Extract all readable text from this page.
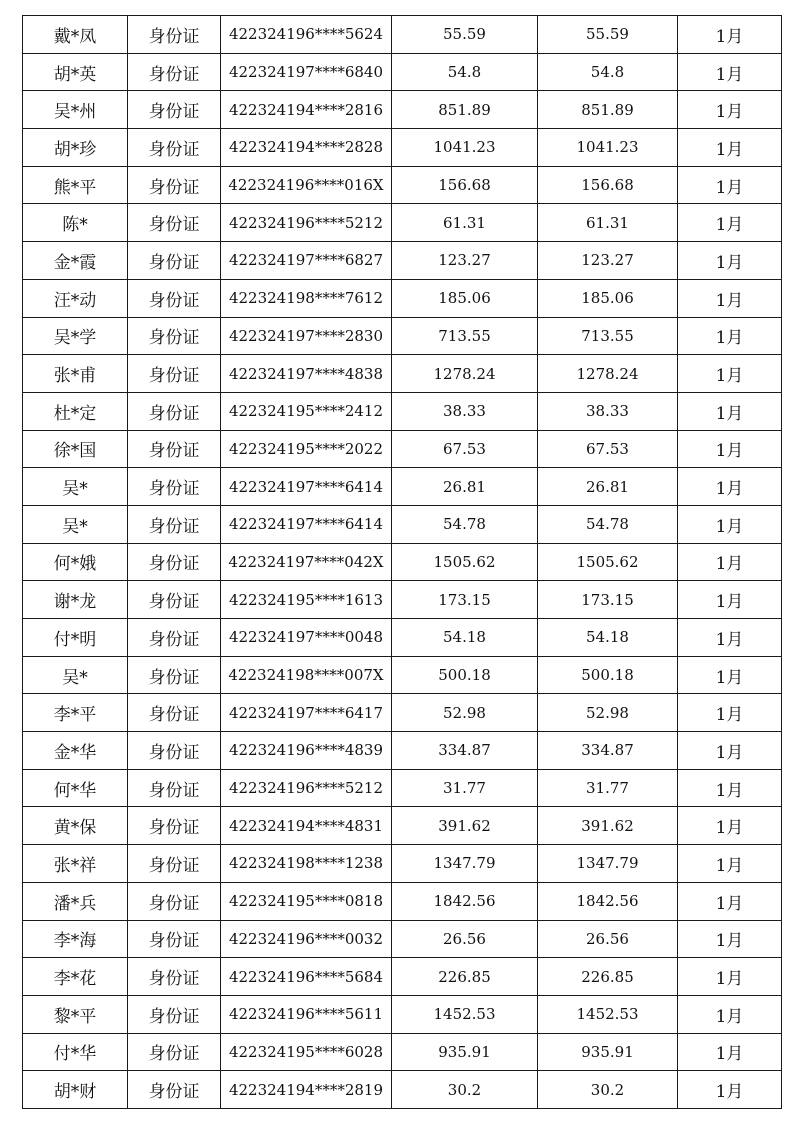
戴*凤	身份证	422324196****5624	55.59	55.59	1月
胡*英	身份证	422324197****6840	54.8	54.8	1月
吴*州	身份证	422324194****2816	851.89	851.89	1月
胡*珍	身份证	422324194****2828	1041.23	1041.23	1月
熊*平	身份证	422324196****016X	156.68	156.68	1月
陈*	身份证	422324196****5212	61.31	61.31	1月
金*霞	身份证	422324197****6827	123.27	123.27	1月
汪*动	身份证	422324198****7612	185.06	185.06	1月
吴*学	身份证	422324197****2830	713.55	713.55	1月
张*甫	身份证	422324197****4838	1278.24	1278.24	1月
杜*定	身份证	422324195****2412	38.33	38.33	1月
徐*国	身份证	422324195****2022	67.53	67.53	1月
吴*	身份证	422324197****6414	26.81	26.81	1月
吴*	身份证	422324197****6414	54.78	54.78	1月
何*娥	身份证	422324197****042X	1505.62	1505.62	1月
谢*龙	身份证	422324195****1613	173.15	173.15	1月
付*明	身份证	422324197****0048	54.18	54.18	1月
吴*	身份证	422324198****007X	500.18	500.18	1月
李*平	身份证	422324197****6417	52.98	52.98	1月
金*华	身份证	422324196****4839	334.87	334.87	1月
何*华	身份证	422324196****5212	31.77	31.77	1月
黄*保	身份证	422324194****4831	391.62	391.62	1月
张*祥	身份证	422324198****1238	1347.79	1347.79	1月
潘*兵	身份证	422324195****0818	1842.56	1842.56	1月
李*海	身份证	422324196****0032	26.56	26.56	1月
李*花	身份证	422324196****5684	226.85	226.85	1月
黎*平	身份证	422324196****5611	1452.53	1452.53	1月
付*华	身份证	422324195****6028	935.91	935.91	1月
胡*财	身份证	422324194****2819	30.2	30.2	1月
